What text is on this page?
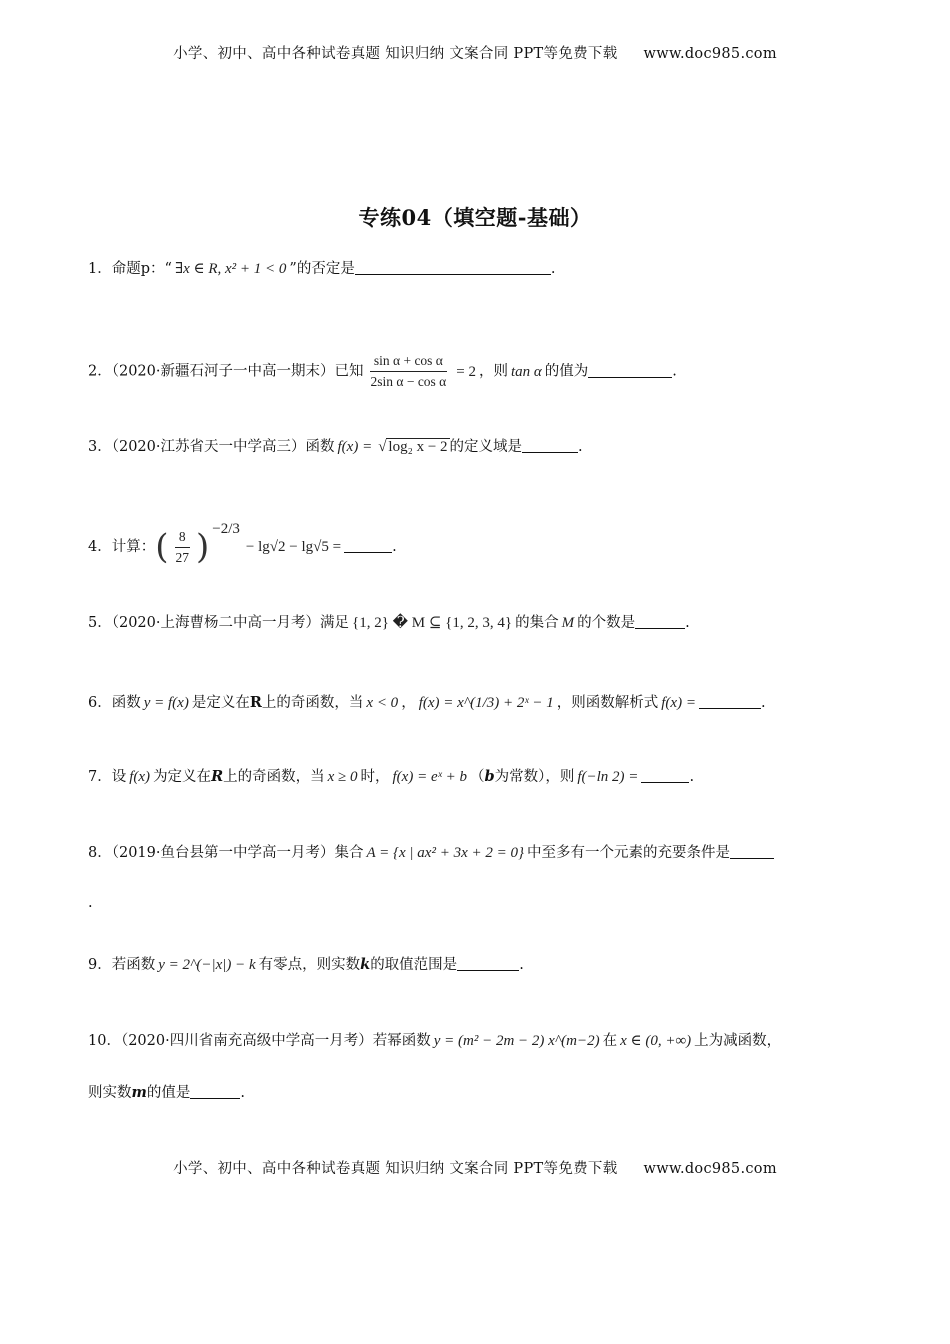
小学、初中、高中各种试卷真题 知识归纳 文案合同 PPT等免费下载 www.doc985.com
专练04（填空题-基础）
1．命题p：“ ∃x ∈ R, x² + 1 < 0 ”的否定是	.
2．（2020·新疆石河子一中高一期末）已知 $\frac{\text{sin α + cos α}}{\text{2sin α − cos α}} = 2$ ，则 tan α 的值为	.
3．（2020·江苏省天一中学高三）函数 f(x) = √ log₂ x − 2 的定义域是	.
4．计算：( $\frac{8}{27}$ ) $^{-2/3}$− lg√2 − lg√5 =	.
5．（2020·上海曹杨二中高一月考）满足 {1, 2} � M ⊆ {1, 2, 3, 4} 的集合 M 的个数是	.
6．函数 y = f(x) 是定义在R上的奇函数，当 x < 0 ， f(x) = x^(1/3) + 2ˣ − 1 ，则函数解析式 f(x) =	.
7．设 f(x) 为定义在R上的奇函数，当 x ≥ 0 时， f(x) = eˣ + b （b为常数），则 f(−ln 2) =	.
8．（2019·鱼台县第一中学高一月考）集合 A = {x | ax² + 3x + 2 = 0} 中至多有一个元素的充要条件是
.
9．若函数 y = 2^(−|x|) − k 有零点，则实数k的取值范围是	.
10．（2020·四川省南充高级中学高一月考）若幂函数 y = (m² − 2m − 2) x^(m−2) 在 x ∈ (0, +∞) 上为减函数，
则实数m的值是	.
小学、初中、高中各种试卷真题 知识归纳 文案合同 PPT等免费下载 www.doc985.com
